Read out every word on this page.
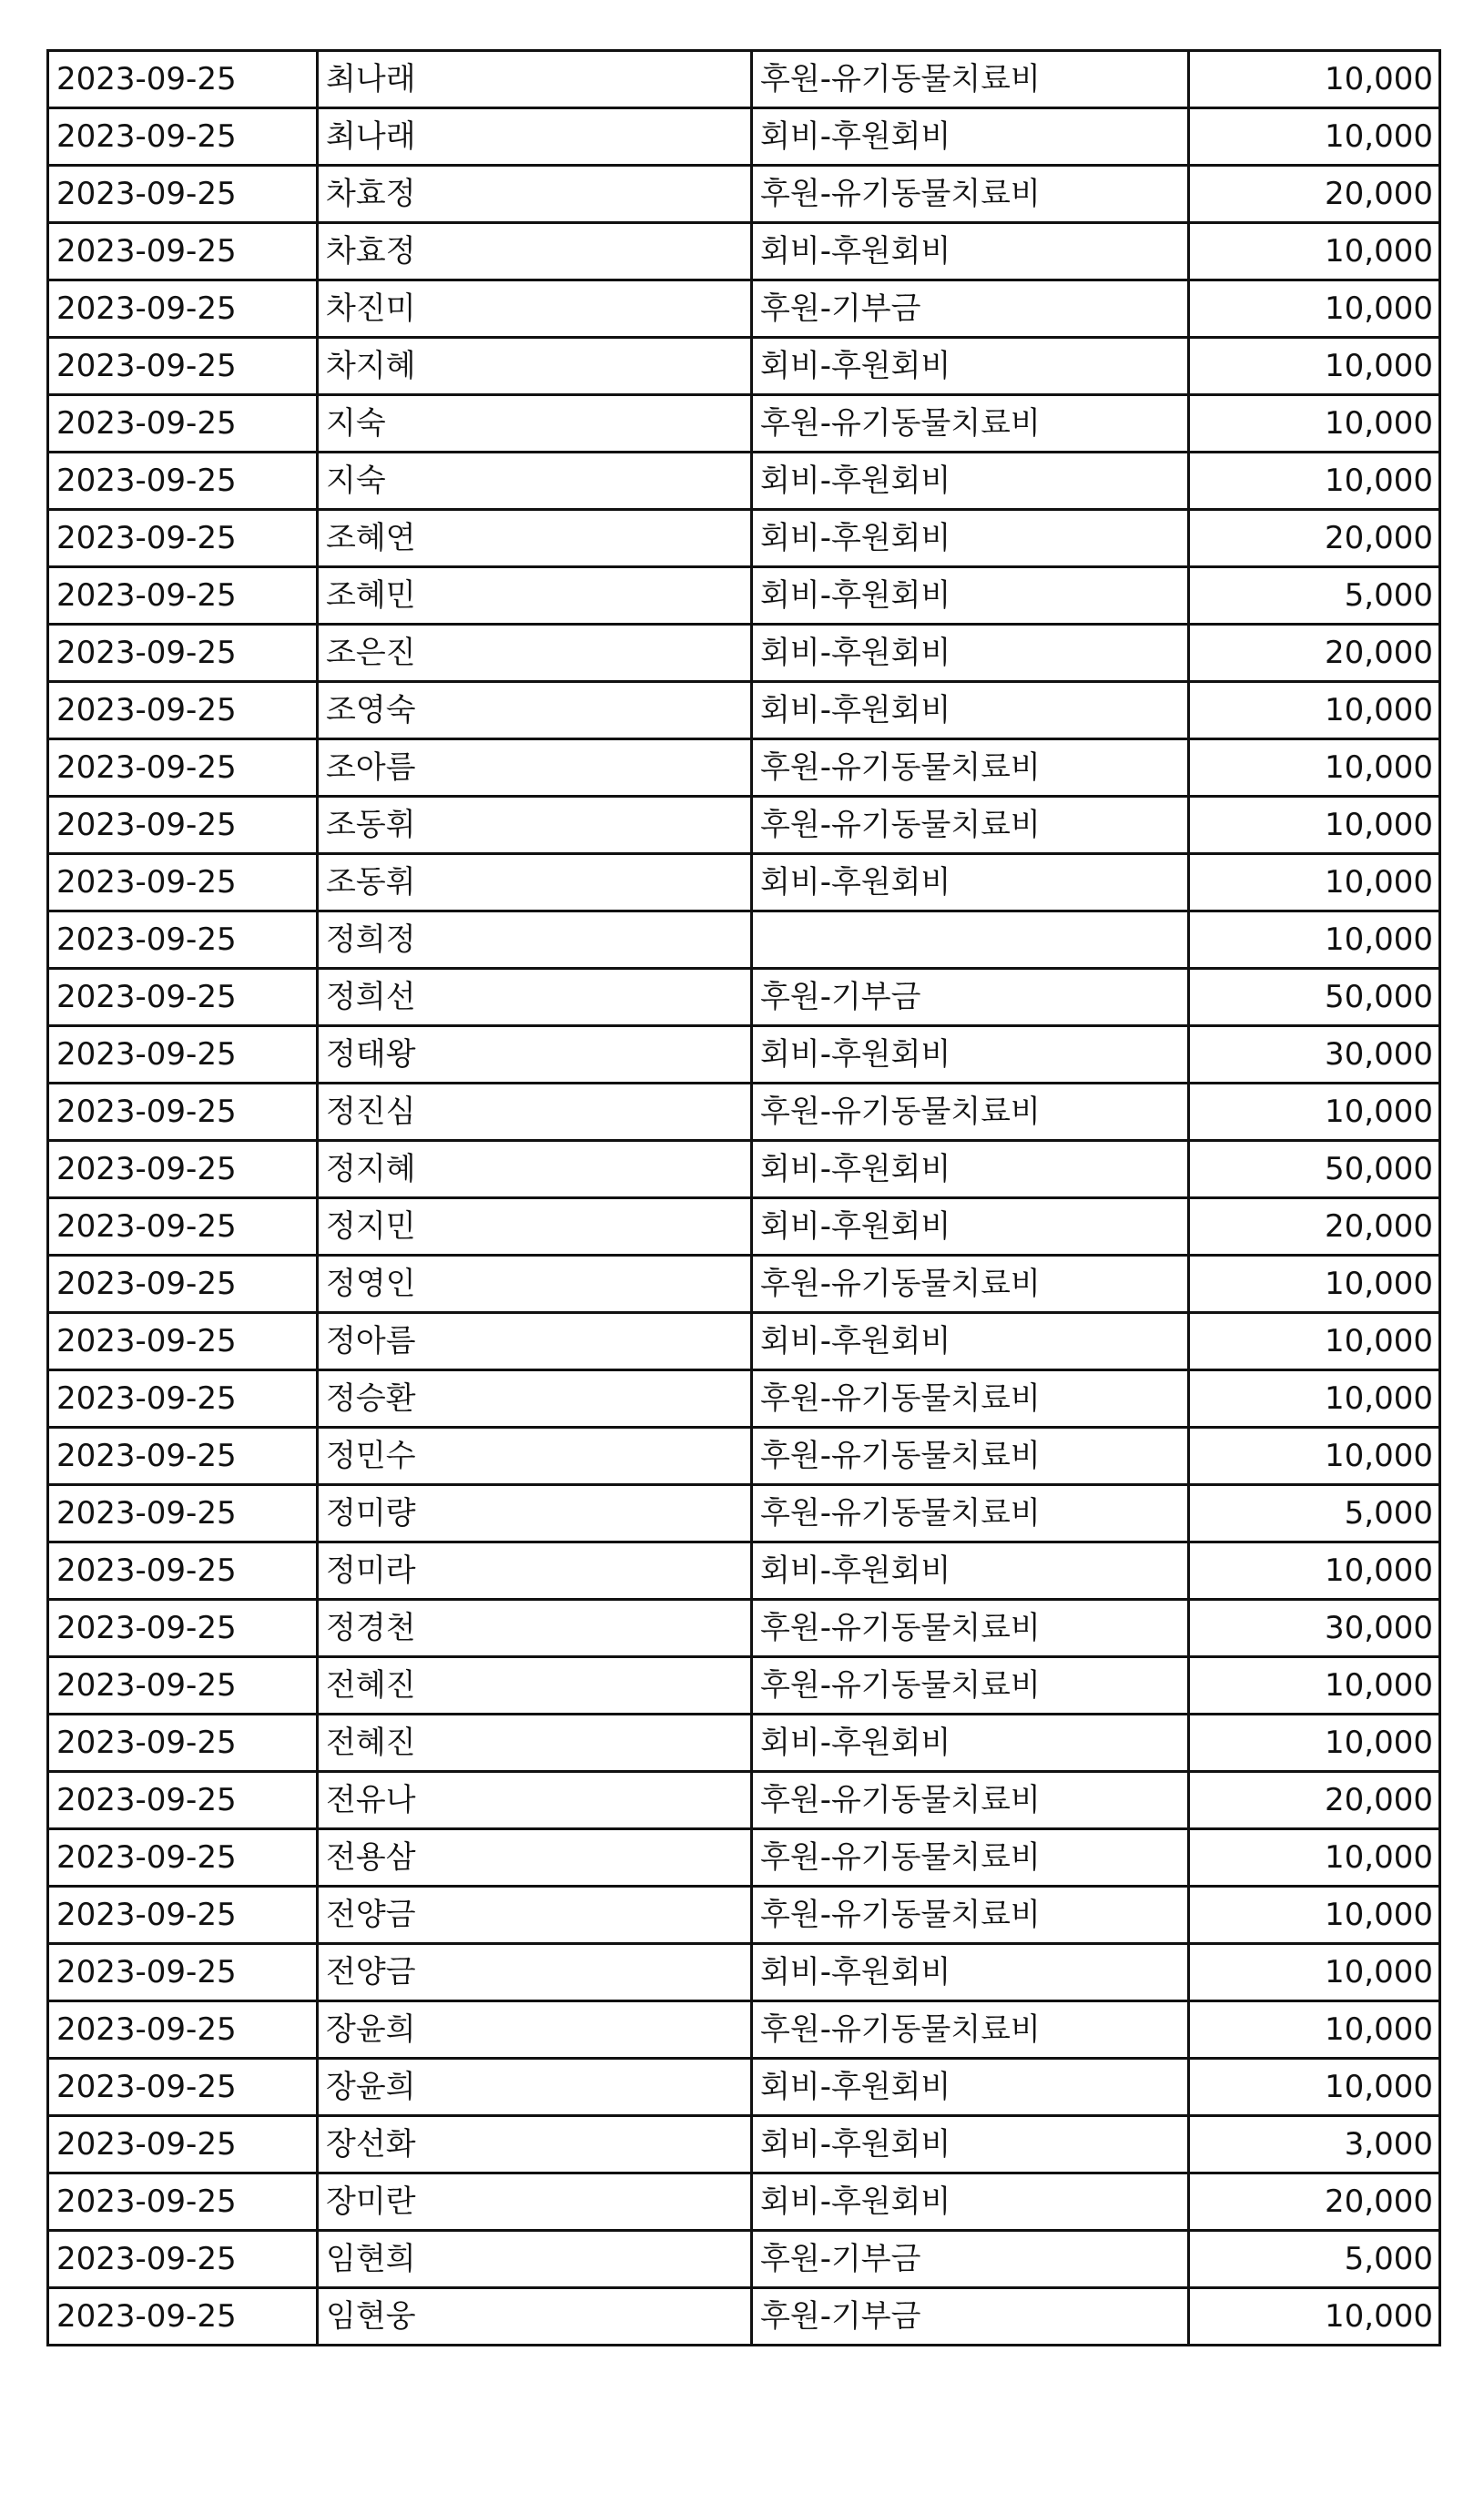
2023-09-25	최나래	후원-유기동물치료비	10,000
2023-09-25	최나래	회비-후원회비	10,000
2023-09-25	차효정	후원-유기동물치료비	20,000
2023-09-25	차효정	회비-후원회비	10,000
2023-09-25	차진미	후원-기부금	10,000
2023-09-25	차지혜	회비-후원회비	10,000
2023-09-25	지숙	후원-유기동물치료비	10,000
2023-09-25	지숙	회비-후원회비	10,000
2023-09-25	조혜연	회비-후원회비	20,000
2023-09-25	조혜민	회비-후원회비	5,000
2023-09-25	조은진	회비-후원회비	20,000
2023-09-25	조영숙	회비-후원회비	10,000
2023-09-25	조아름	후원-유기동물치료비	10,000
2023-09-25	조동휘	후원-유기동물치료비	10,000
2023-09-25	조동휘	회비-후원회비	10,000
2023-09-25	정희정		10,000
2023-09-25	정희선	후원-기부금	50,000
2023-09-25	정태왕	회비-후원회비	30,000
2023-09-25	정진심	후원-유기동물치료비	10,000
2023-09-25	정지혜	회비-후원회비	50,000
2023-09-25	정지민	회비-후원회비	20,000
2023-09-25	정영인	후원-유기동물치료비	10,000
2023-09-25	정아름	회비-후원회비	10,000
2023-09-25	정승환	후원-유기동물치료비	10,000
2023-09-25	정민수	후원-유기동물치료비	10,000
2023-09-25	정미량	후원-유기동물치료비	5,000
2023-09-25	정미라	회비-후원회비	10,000
2023-09-25	정경천	후원-유기동물치료비	30,000
2023-09-25	전혜진	후원-유기동물치료비	10,000
2023-09-25	전혜진	회비-후원회비	10,000
2023-09-25	전유나	후원-유기동물치료비	20,000
2023-09-25	전용삼	후원-유기동물치료비	10,000
2023-09-25	전양금	후원-유기동물치료비	10,000
2023-09-25	전양금	회비-후원회비	10,000
2023-09-25	장윤희	후원-유기동물치료비	10,000
2023-09-25	장윤희	회비-후원회비	10,000
2023-09-25	장선화	회비-후원회비	3,000
2023-09-25	장미란	회비-후원회비	20,000
2023-09-25	임현희	후원-기부금	5,000
2023-09-25	임현웅	후원-기부금	10,000
